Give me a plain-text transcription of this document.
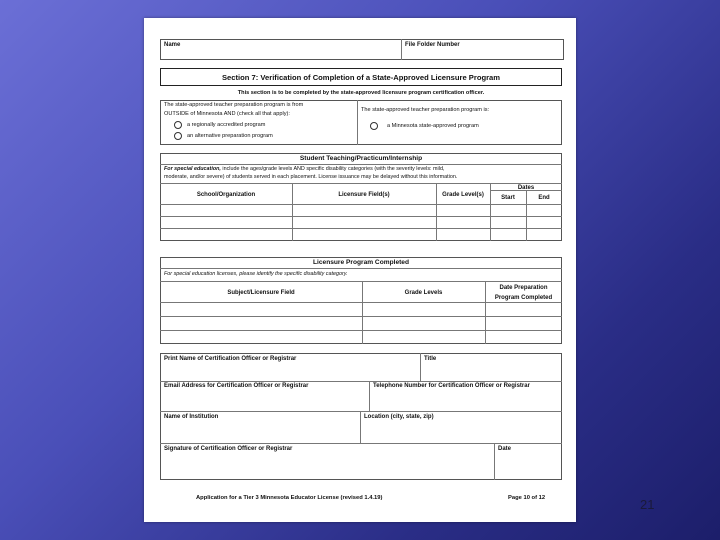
Name	File Folder Number
Section 7: Verification of Completion of a State-Approved Licensure Program
This section is to be completed by the state-approved licensure program certification officer.
The state-approved teacher preparation program is from
OUTSIDE of Minnesota AND (check all that apply):
a regionally accredited program
an alternative preparation program
The state-approved teacher preparation program is:
a Minnesota state-approved program
Student Teaching/Practicum/Internship
For special education, include the ages/grade levels AND specific disability categories (with the severity levels: mild,
moderate, and/or severe) of students served in each placement. License issuance may be delayed without this information.
School/Organization	Licensure Field(s)	Grade Level(s)
Dates
Start	End
Licensure Program Completed
For special education licenses, please identify the specific disability category.
Subject/Licensure Field	Grade Levels
Date Preparation
Program Completed
Print Name of Certification Officer or Registrar	Title
Email Address for Certification Officer or Registrar	Telephone Number for Certification Officer or Registrar
Name of Institution	Location (city, state, zip)
Signature of Certification Officer or Registrar	Date
Application for a Tier 3 Minnesota Educator License (revised 1.4.19)	Page 10 of 12	21
